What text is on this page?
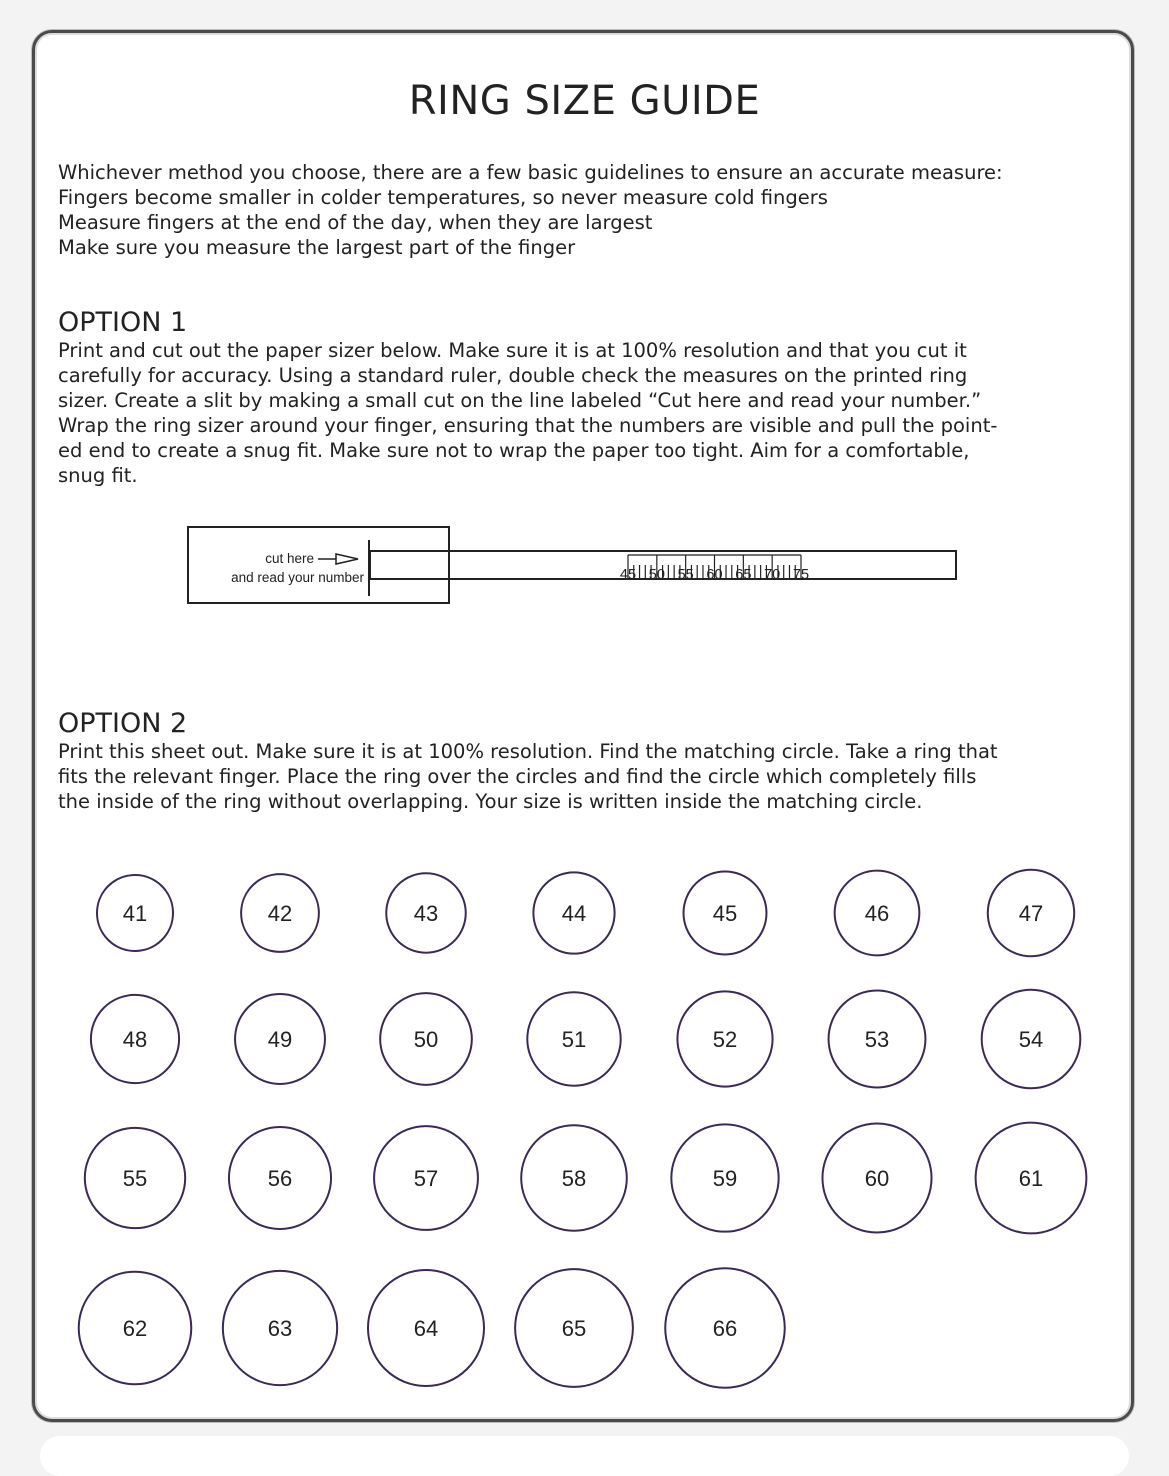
RING SIZE GUIDE
Whichever method you choose, there are a few basic guidelines to ensure an accurate measure:
Fingers become smaller in colder temperatures, so never measure cold fingers
Measure fingers at the end of the day, when they are largest
Make sure you measure the largest part of the finger
OPTION 1
Print and cut out the paper sizer below. Make sure it is at 100% resolution and that you cut it
carefully for accuracy. Using a standard ruler, double check the measures on the printed ring
sizer. Create a slit by making a small cut on the line labeled “Cut here and read your number.”
Wrap the ring sizer around your finger, ensuring that the numbers are visible and pull the point-
ed end to create a snug fit. Make sure not to wrap the paper too tight. Aim for a comfortable,
snug fit.
cut here
and read your number	45 50 55 60 65 70 75
OPTION 2
Print this sheet out. Make sure it is at 100% resolution. Find the matching circle. Take a ring that
fits the relevant finger. Place the ring over the circles and find the circle which completely fills
the inside of the ring without overlapping. Your size is written inside the matching circle.
41	42	43	44	45	46	47
48	49	50	51	52	53	54
55	56	57	58	59	60	61
62	63	64	65	66
